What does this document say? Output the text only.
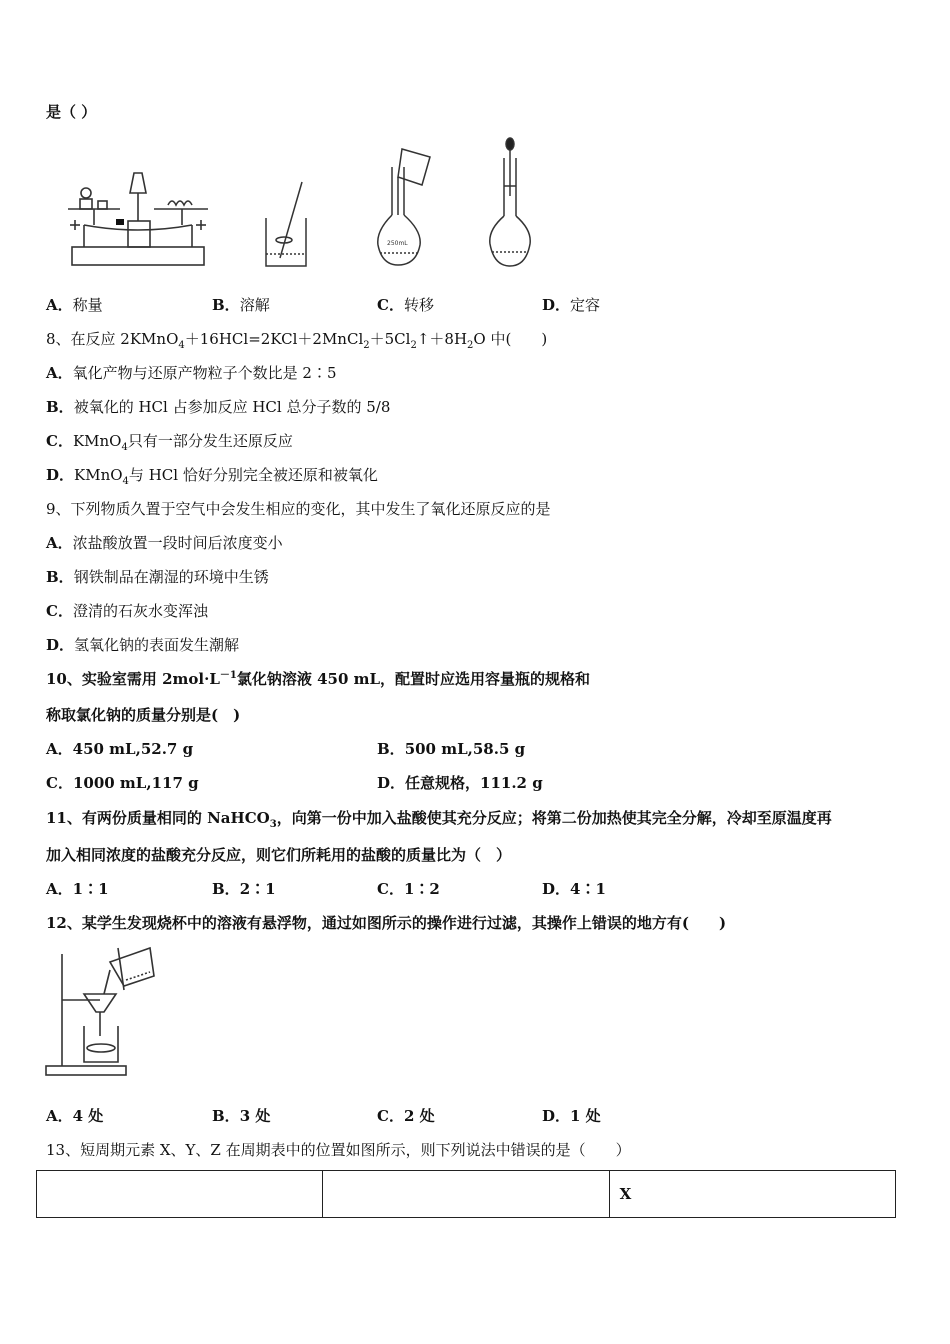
是（ ）
250mL
A．称量	B．溶解	C．转移	D．定容
8、在反应 $2KMnO_4+16HCl=2KCl+2MnCl_2+5Cl_2↑+8H_2O$ 中(　　)
A．氧化产物与还原产物粒子个数比是 2∶5
B．被氧化的 HCl 占参加反应 HCl 总分子数的 5/8
C．KMnO$_4$只有一部分发生还原反应
D．KMnO$_4$与 HCl 恰好分别完全被还原和被氧化
9、下列物质久置于空气中会发生相应的变化，其中发生了氧化还原反应的是
A．浓盐酸放置一段时间后浓度变小
B．钢铁制品在潮湿的环境中生锈
C．澄清的石灰水变浑浊
D．氢氧化钠的表面发生潮解
10、实验室需用 $2mol\cdot L^{-1}$氯化钠溶液 450 mL，配置时应选用容量瓶的规格和
称取氯化钠的质量分别是(　)
A．450 mL,52.7 g	B．500 mL,58.5 g
C．1000 mL,117 g	D．任意规格，111.2 g
11、有两份质量相同的 NaHCO$_3$，向第一份中加入盐酸使其充分反应；将第二份加热使其完全分解，冷却至原温度再
加入相同浓度的盐酸充分反应，则它们所耗用的盐酸的质量比为（　）
A．1∶1	B．2∶1	C．1∶2	D．4∶1
12、某学生发现烧杯中的溶液有悬浮物，通过如图所示的操作进行过滤，其操作上错误的地方有(　　)
A．4 处	B．3 处	C．2 处	D．1 处
13、短周期元素 X、Y、Z 在周期表中的位置如图所示，则下列说法中错误的是（　　）
		X
